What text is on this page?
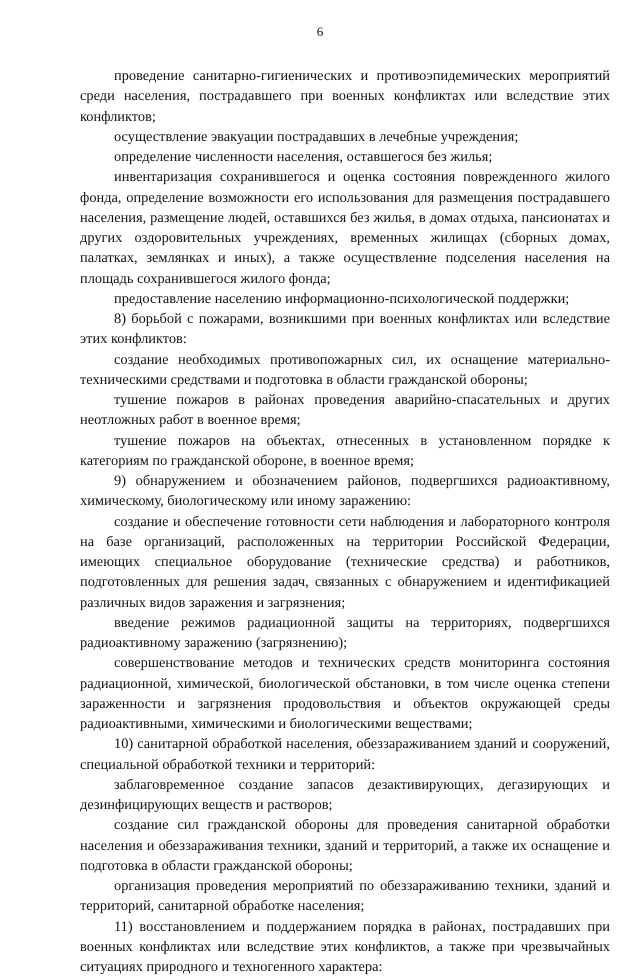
6

проведение санитарно-гигиенических и противоэпидемических мероприятий среди населения, пострадавшего при военных конфликтах или вследствие этих конфликтов;

осуществление эвакуации пострадавших в лечебные учреждения;

определение численности населения, оставшегося без жилья;

инвентаризация сохранившегося и оценка состояния поврежденного жилого фонда, определение возможности его использования для размещения пострадавшего населения, размещение людей, оставшихся без жилья, в домах отдыха, пансионатах и других оздоровительных учреждениях, временных жилищах (сборных домах, палатках, землянках и иных), а также осуществление подселения населения на площадь сохранившегося жилого фонда;

предоставление населению информационно-психологической поддержки;

8) борьбой с пожарами, возникшими при военных конфликтах или вследствие этих конфликтов:

создание необходимых противопожарных сил, их оснащение материально-техническими средствами и подготовка в области гражданской обороны;

тушение пожаров в районах проведения аварийно-спасательных и других неотложных работ в военное время;

тушение пожаров на объектах, отнесенных в установленном порядке к категориям по гражданской обороне, в военное время;

9) обнаружением и обозначением районов, подвергшихся радиоактивному, химическому, биологическому или иному заражению:

создание и обеспечение готовности сети наблюдения и лабораторного контроля на базе организаций, расположенных на территории Российской Федерации, имеющих специальное оборудование (технические средства) и работников, подготовленных для решения задач, связанных с обнаружением и идентификацией различных видов заражения и загрязнения;

введение режимов радиационной защиты на территориях, подвергшихся радиоактивному заражению (загрязнению);

совершенствование методов и технических средств мониторинга состояния радиационной, химической, биологической обстановки, в том числе оценка степени зараженности и загрязнения продовольствия и объектов окружающей среды радиоактивными, химическими и биологическими веществами;

10) санитарной обработкой населения, обеззараживанием зданий и сооружений, специальной обработкой техники и территорий:

заблаговременное создание запасов дезактивирующих, дегазирующих и дезинфицирующих веществ и растворов;

создание сил гражданской обороны для проведения санитарной обработки населения и обеззараживания техники, зданий и территорий, а также их оснащение и подготовка в области гражданской обороны;

организация проведения мероприятий по обеззараживанию техники, зданий и территорий, санитарной обработке населения;

11) восстановлением и поддержанием порядка в районах, пострадавших при военных конфликтах или вследствие этих конфликтов, а также при чрезвычайных ситуациях природного и техногенного характера:
